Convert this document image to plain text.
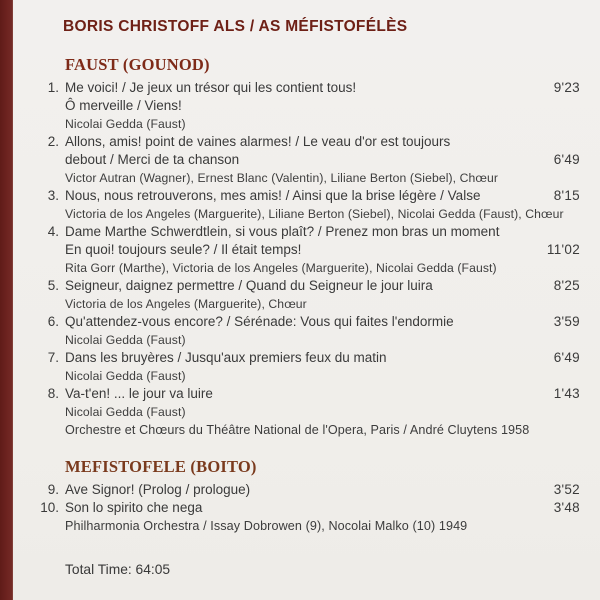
BORIS CHRISTOFF ALS / AS MÉFISTOFÉLÈS
FAUST (GOUNOD)
1. Me voici! / Je jeux un trésor qui les contient tous!	9'23
Ô merveille / Viens!
Nicolai Gedda (Faust)
2. Allons, amis! point de vaines alarmes! / Le veau d'or est toujours
debout / Merci de ta chanson	6'49
Victor Autran (Wagner), Ernest Blanc (Valentin), Liliane Berton (Siebel), Chœur
3. Nous, nous retrouverons, mes amis! / Ainsi que la brise légère / Valse	8'15
Victoria de los Angeles (Marguerite), Liliane Berton (Siebel), Nicolai Gedda (Faust), Chœur
4. Dame Marthe Schwerdtlein, si vous plaît? / Prenez mon bras un moment
En quoi! toujours seule? / Il était temps!	11'02
Rita Gorr (Marthe), Victoria de los Angeles (Marguerite), Nicolai Gedda (Faust)
5. Seigneur, daignez permettre / Quand du Seigneur le jour luira	8'25
Victoria de los Angeles (Marguerite), Chœur
6. Qu'attendez-vous encore? / Sérénade: Vous qui faites l'endormie	3'59
Nicolai Gedda (Faust)
7. Dans les bruyères / Jusqu'aux premiers feux du matin	6'49
Nicolai Gedda (Faust)
8. Va-t'en! ... le jour va luire	1'43
Nicolai Gedda (Faust)
Orchestre et Chœurs du Théâtre National de l'Opera, Paris / André Cluytens 1958
MEFISTOFELE (BOITO)
9. Ave Signor! (Prolog / prologue)	3'52
10. Son lo spirito che nega	3'48
Philharmonia Orchestra / Issay Dobrowen (9), Nocolai Malko (10) 1949
Total Time: 64:05
